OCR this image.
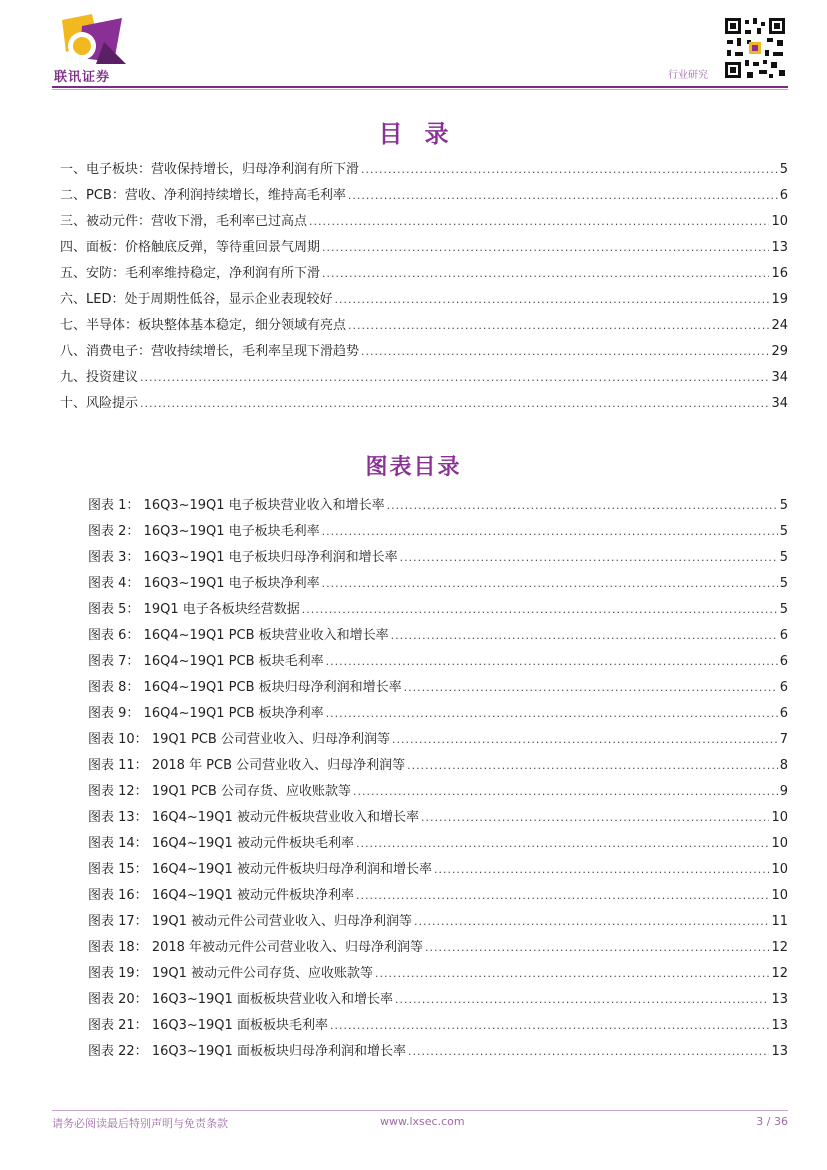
联讯证券	行业研究
目录
一、电子板块：营收保持增长，归母净利润有所下滑 .....	5
二、PCB：营收、净利润持续增长，维持高毛利率 .....	6
三、被动元件：营收下滑，毛利率已过高点 .....	10
四、面板：价格触底反弹，等待重回景气周期 .....	13
五、安防：毛利率维持稳定，净利润有所下滑 .....	16
六、LED：处于周期性低谷，显示企业表现较好 .....	19
七、半导体：板块整体基本稳定，细分领域有亮点 .....	24
八、消费电子：营收持续增长，毛利率呈现下滑趋势 .....	29
九、投资建议 .....	34
十、风险提示 .....	34
图表目录
图表 1： 16Q3~19Q1 电子板块营业收入和增长率 .....	5
图表 2： 16Q3~19Q1 电子板块毛利率 .....	5
图表 3： 16Q3~19Q1 电子板块归母净利润和增长率 .....	5
图表 4： 16Q3~19Q1 电子板块净利率 .....	5
图表 5： 19Q1 电子各板块经营数据 .....	5
图表 6： 16Q4~19Q1 PCB 板块营业收入和增长率 .....	6
图表 7： 16Q4~19Q1 PCB 板块毛利率 .....	6
图表 8： 16Q4~19Q1 PCB 板块归母净利润和增长率 .....	6
图表 9： 16Q4~19Q1 PCB 板块净利率 .....	6
图表 10： 19Q1 PCB 公司营业收入、归母净利润等 .....	7
图表 11： 2018 年 PCB 公司营业收入、归母净利润等 .....	8
图表 12： 19Q1 PCB 公司存货、应收账款等 .....	9
图表 13： 16Q4~19Q1 被动元件板块营业收入和增长率 .....	10
图表 14： 16Q4~19Q1 被动元件板块毛利率 .....	10
图表 15： 16Q4~19Q1 被动元件板块归母净利润和增长率 .....	10
图表 16： 16Q4~19Q1 被动元件板块净利率 .....	10
图表 17： 19Q1 被动元件公司营业收入、归母净利润等 .....	11
图表 18： 2018 年被动元件公司营业收入、归母净利润等 .....	12
图表 19： 19Q1 被动元件公司存货、应收账款等 .....	12
图表 20： 16Q3~19Q1 面板板块营业收入和增长率 .....	13
图表 21： 16Q3~19Q1 面板板块毛利率 .....	13
图表 22： 16Q3~19Q1 面板板块归母净利润和增长率 .....	13
请务必阅读最后特别声明与免责条款	www.lxsec.com	3 / 36
